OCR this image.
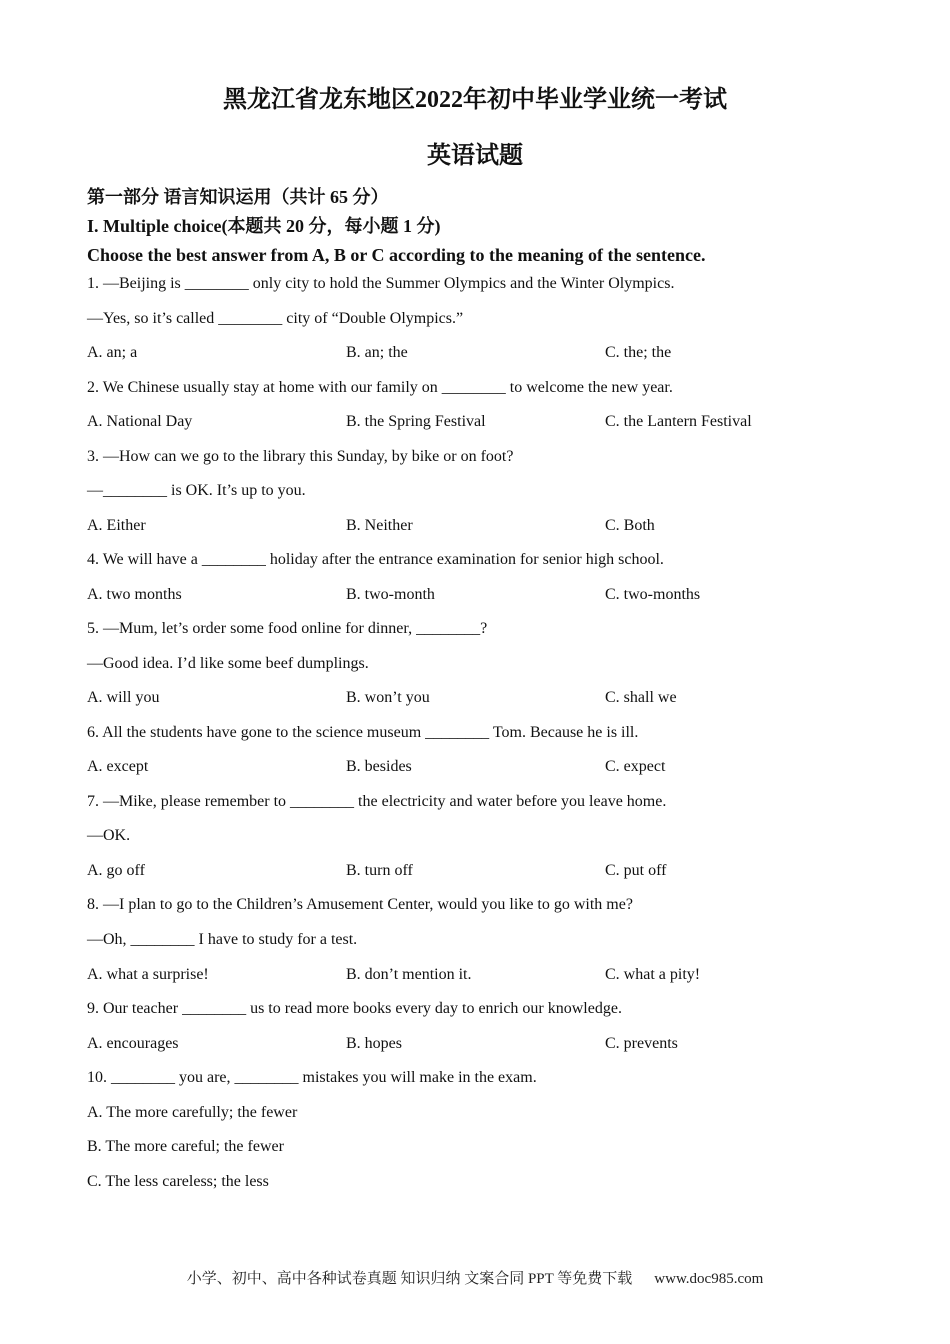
黑龙江省龙东地区2022年初中毕业学业统一考试
英语试题
第一部分 语言知识运用（共计 65 分）
I. Multiple choice(本题共 20 分，每小题 1 分)
Choose the best answer from A, B or C according to the meaning of the sentence.
1. —Beijing is ________ only city to hold the Summer Olympics and the Winter Olympics.
—Yes, so it’s called ________ city of “Double Olympics.”
A. an; a	B. an; the	C. the; the
2. We Chinese usually stay at home with our family on ________ to welcome the new year.
A. National Day	B. the Spring Festival	C. the Lantern Festival
3. —How can we go to the library this Sunday, by bike or on foot?
—________ is OK. It’s up to you.
A. Either	B. Neither	C. Both
4. We will have a ________ holiday after the entrance examination for senior high school.
A. two months	B. two-month	C. two-months
5. —Mum, let’s order some food online for dinner, ________?
—Good idea. I’d like some beef dumplings.
A. will you	B. won’t you	C. shall we
6. All the students have gone to the science museum ________ Tom. Because he is ill.
A. except	B. besides	C. expect
7. —Mike, please remember to ________ the electricity and water before you leave home.
—OK.
A. go off	B. turn off	C. put off
8. —I plan to go to the Children’s Amusement Center, would you like to go with me?
—Oh, ________ I have to study for a test.
A. what a surprise!	B. don’t mention it.	C. what a pity!
9. Our teacher ________ us to read more books every day to enrich our knowledge.
A. encourages	B. hopes	C. prevents
10. ________ you are, ________ mistakes you will make in the exam.
A. The more carefully; the fewer
B. The more careful; the fewer
C. The less careless; the less
小学、初中、高中各种试卷真题 知识归纳 文案合同 PPT 等免费下载 www.doc985.com
